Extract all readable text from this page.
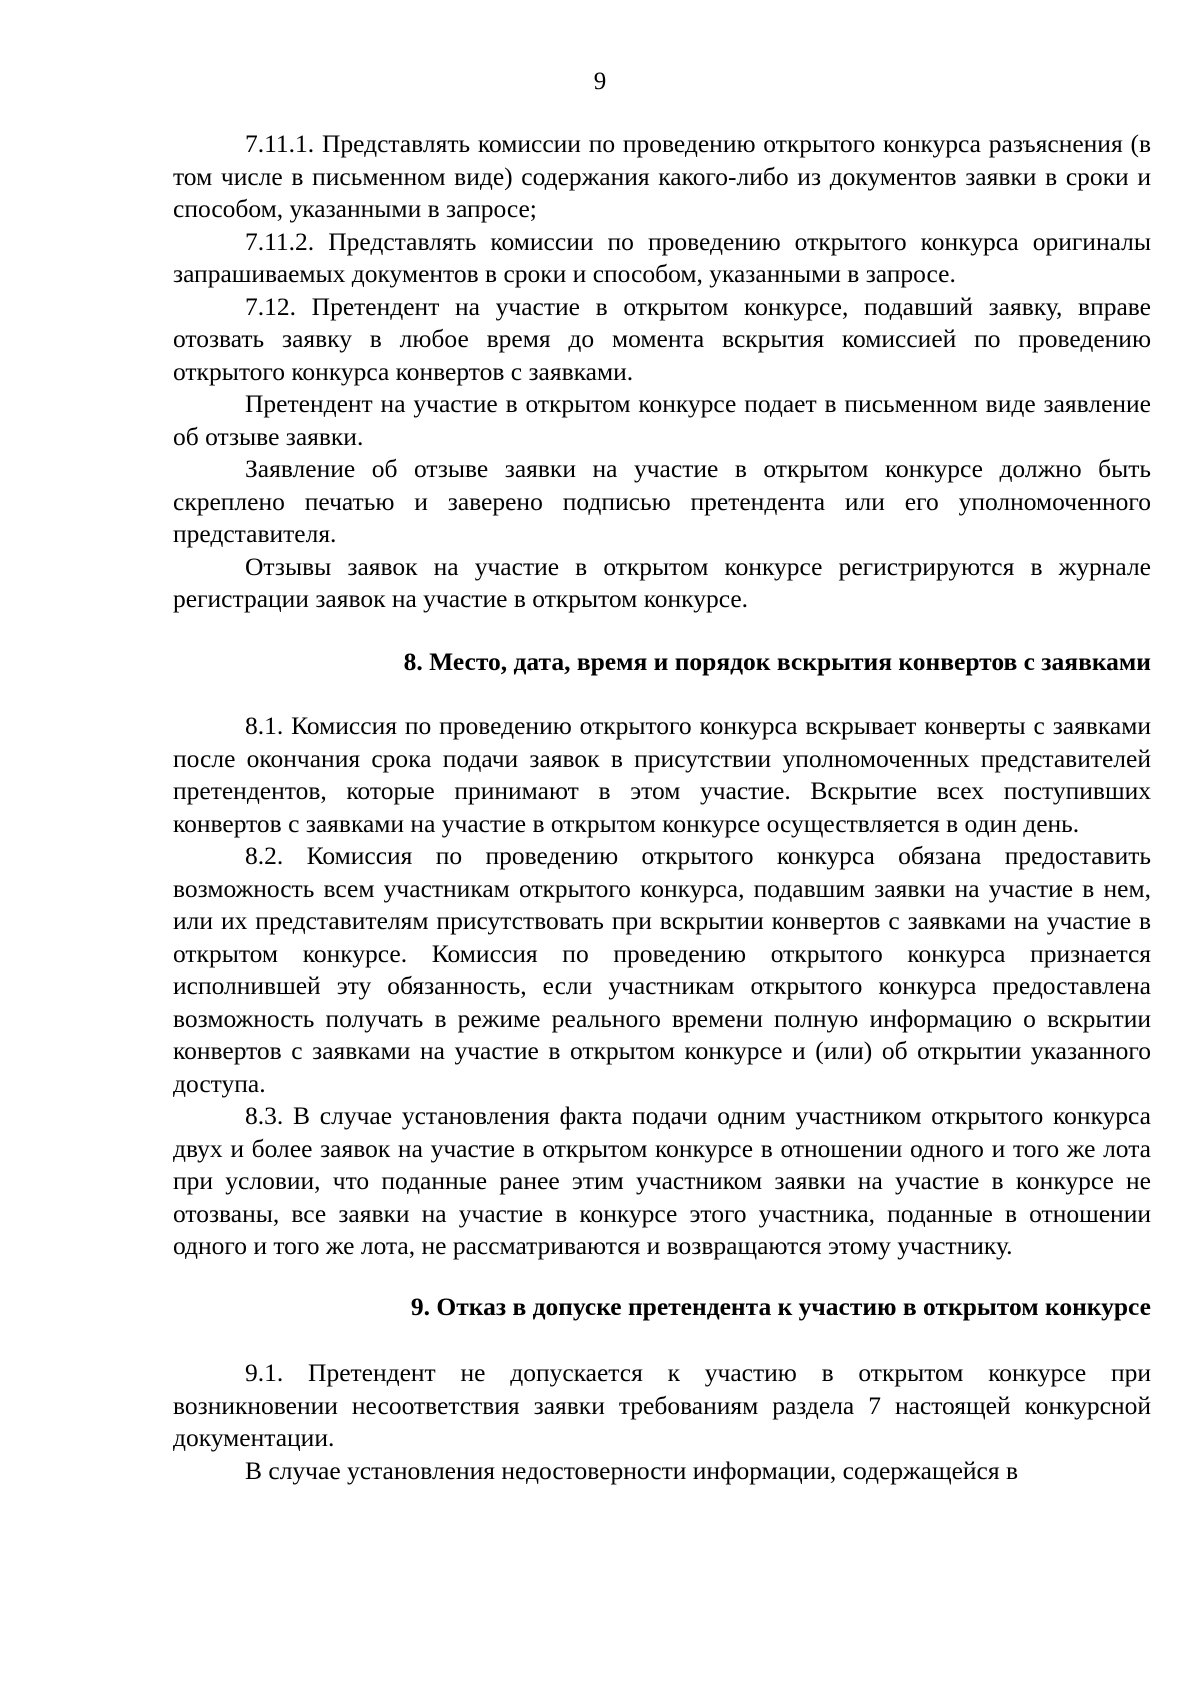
9

7.11.1. Представлять комиссии по проведению открытого конкурса разъяснения (в том числе в письменном виде) содержания какого-либо из документов заявки в сроки и способом, указанными в запросе;

7.11.2. Представлять комиссии по проведению открытого конкурса оригиналы запрашиваемых документов в сроки и способом, указанными в запросе.

7.12. Претендент на участие в открытом конкурсе, подавший заявку, вправе отозвать заявку в любое время до момента вскрытия комиссией по проведению открытого конкурса конвертов с заявками.

Претендент на участие в открытом конкурсе подает в письменном виде заявление об отзыве заявки.

Заявление об отзыве заявки на участие в открытом конкурсе должно быть скреплено печатью и заверено подписью претендента или его уполномоченного представителя.

Отзывы заявок на участие в открытом конкурсе регистрируются в журнале регистрации заявок на участие в открытом конкурсе.

8. Место, дата, время и порядок вскрытия конвертов с заявками

8.1. Комиссия по проведению открытого конкурса вскрывает конверты с заявками после окончания срока подачи заявок в присутствии уполномоченных представителей претендентов, которые принимают в этом участие. Вскрытие всех поступивших конвертов с заявками на участие в открытом конкурсе осуществляется в один день.

8.2. Комиссия по проведению открытого конкурса обязана предоставить возможность всем участникам открытого конкурса, подавшим заявки на участие в нем, или их представителям присутствовать при вскрытии конвертов с заявками на участие в открытом конкурсе. Комиссия по проведению открытого конкурса признается исполнившей эту обязанность, если участникам открытого конкурса предоставлена возможность получать в режиме реального времени полную информацию о вскрытии конвертов с заявками на участие в открытом конкурсе и (или) об открытии указанного доступа.

8.3. В случае установления факта подачи одним участником открытого конкурса двух и более заявок на участие в открытом конкурсе в отношении одного и того же лота при условии, что поданные ранее этим участником заявки на участие в конкурсе не отозваны, все заявки на участие в конкурсе этого участника, поданные в отношении одного и того же лота, не рассматриваются и возвращаются этому участнику.

9. Отказ в допуске претендента к участию в открытом конкурсе

9.1. Претендент не допускается к участию в открытом конкурсе при возникновении несоответствия заявки требованиям раздела 7 настоящей конкурсной документации.

В случае установления недостоверности информации, содержащейся в
